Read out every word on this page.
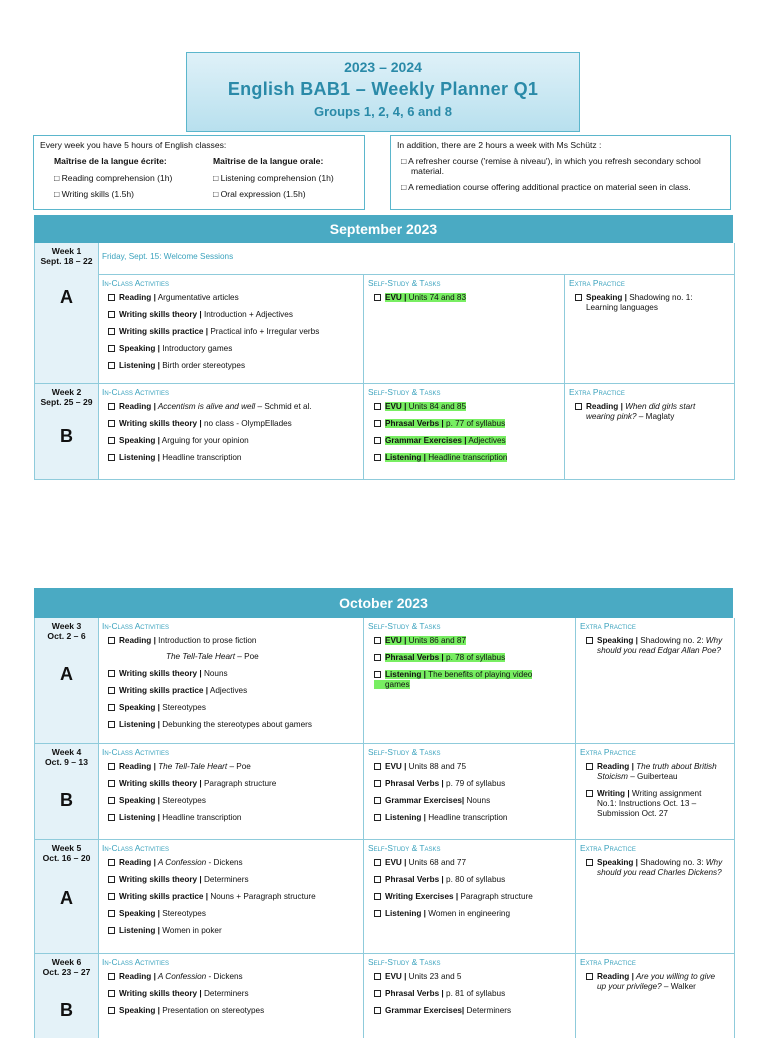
2023 – 2024
English BAB1 – Weekly Planner Q1
Groups 1, 2, 4, 6 and 8
Every week you have 5 hours of English classes:
Maîtrise de la langue écrite:
□ Reading comprehension (1h)
□ Writing skills (1.5h)
Maîtrise de la langue orale:
□ Listening comprehension (1h)
□ Oral expression (1.5h)
In addition, there are 2 hours a week with Ms Schütz :
□ A refresher course ('remise à niveau'), in which you refresh secondary school material.
□ A remediation course offering additional practice on material seen in class.
September 2023
Week 1
Sept. 18 – 22
A
Friday, Sept. 15: Welcome Sessions
In-Class Activities
Reading | Argumentative articles
Writing skills theory | Introduction + Adjectives
Writing skills practice | Practical info + Irregular verbs
Speaking | Introductory games
Listening | Birth order stereotypes
Self-Study & Tasks
EVU | Units 74 and 83
Extra Practice
Speaking | Shadowing no. 1:
Learning languages
Week 2
Sept. 25 – 29
B
In-Class Activities
Reading | Accentism is alive and well – Schmid et al.
Writing skills theory | no class - OlympEllades
Speaking | Arguing for your opinion
Listening | Headline transcription
Self-Study & Tasks
EVU | Units 84 and 85
Phrasal Verbs | p. 77 of syllabus
Grammar Exercises | Adjectives
Listening | Headline transcription
Extra Practice
Reading | When did girls start
wearing pink? – Maglaty
October 2023
Week 3
Oct. 2 – 6
A
In-Class Activities
Reading | Introduction to prose fiction
The Tell-Tale Heart – Poe
Writing skills theory | Nouns
Writing skills practice | Adjectives
Speaking | Stereotypes
Listening | Debunking the stereotypes about gamers
Self-Study & Tasks
EVU | Units 86 and 87
Phrasal Verbs | p. 78 of syllabus
Listening | The benefits of playing video
games
Extra Practice
Speaking | Shadowing no. 2: Why
should you read Edgar Allan Poe?
Week 4
Oct. 9 – 13
B
In-Class Activities
Reading | The Tell-Tale Heart – Poe
Writing skills theory | Paragraph structure
Speaking | Stereotypes
Listening | Headline transcription
Self-Study & Tasks
EVU | Units 88 and 75
Phrasal Verbs | p. 79 of syllabus
Grammar Exercises| Nouns
Listening | Headline transcription
Extra Practice
Reading | The truth about British
Stoicism – Guiberteau
Writing | Writing assignment
No.1: Instructions Oct. 13 –
Submission Oct. 27
Week 5
Oct. 16 – 20
A
In-Class Activities
Reading | A Confession - Dickens
Writing skills theory | Determiners
Writing skills practice | Nouns + Paragraph structure
Speaking | Stereotypes
Listening | Women in poker
Self-Study & Tasks
EVU | Units 68 and 77
Phrasal Verbs | p. 80 of syllabus
Writing Exercises | Paragraph structure
Listening | Women in engineering
Extra Practice
Speaking | Shadowing no. 3: Why
should you read Charles Dickens?
Week 6
Oct. 23 – 27
B
In-Class Activities
Reading | A Confession - Dickens
Writing skills theory | Determiners
Speaking | Presentation on stereotypes
Self-Study & Tasks
EVU | Units 23 and 5
Phrasal Verbs | p. 81 of syllabus
Grammar Exercises| Determiners
Extra Practice
Reading | Are you willing to give
up your privilege? – Walker
